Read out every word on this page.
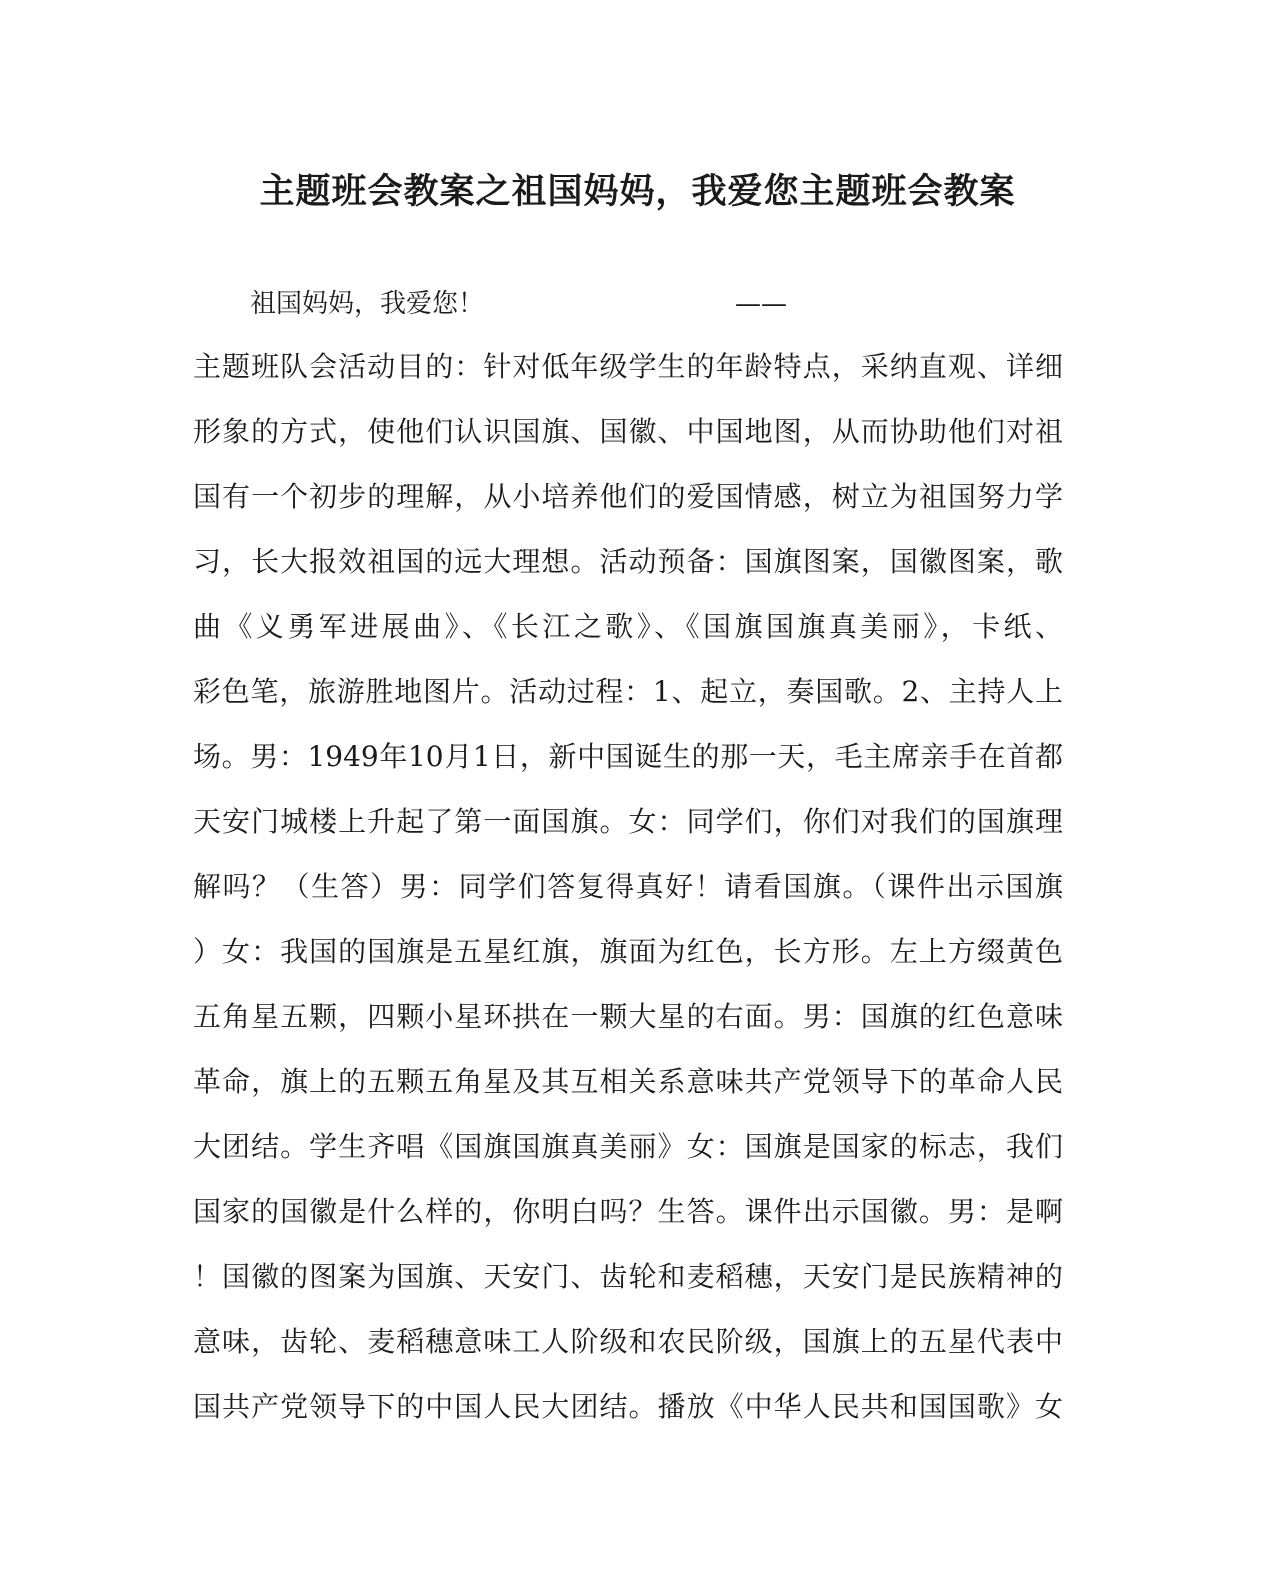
主题班会教案之祖国妈妈，我爱您主题班会教案
祖国妈妈，我爱您！	——
主题班队会活动目的：针对低年级学生的年龄特点，采纳直观、详细
形象的方式，使他们认识国旗、国徽、中国地图，从而协助他们对祖
国有一个初步的理解，从小培养他们的爱国情感，树立为祖国努力学
习，长大报效祖国的远大理想。活动预备：国旗图案，国徽图案，歌
曲《义勇军进展曲》、《长江之歌》、《国旗国旗真美丽》，卡纸、
彩色笔，旅游胜地图片。活动过程：1、起立，奏国歌。2、主持人上
场。男：1949年10月1日，新中国诞生的那一天，毛主席亲手在首都
天安门城楼上升起了第一面国旗。女：同学们，你们对我们的国旗理
解吗？（生答）男：同学们答复得真好！请看国旗。（课件出示国旗
）女：我国的国旗是五星红旗，旗面为红色，长方形。左上方缀黄色
五角星五颗，四颗小星环拱在一颗大星的右面。男：国旗的红色意味
革命，旗上的五颗五角星及其互相关系意味共产党领导下的革命人民
大团结。学生齐唱《国旗国旗真美丽》女：国旗是国家的标志，我们
国家的国徽是什么样的，你明白吗？生答。课件出示国徽。男：是啊
！国徽的图案为国旗、天安门、齿轮和麦稻穗，天安门是民族精神的
意味，齿轮、麦稻穗意味工人阶级和农民阶级，国旗上的五星代表中
国共产党领导下的中国人民大团结。播放《中华人民共和国国歌》女
